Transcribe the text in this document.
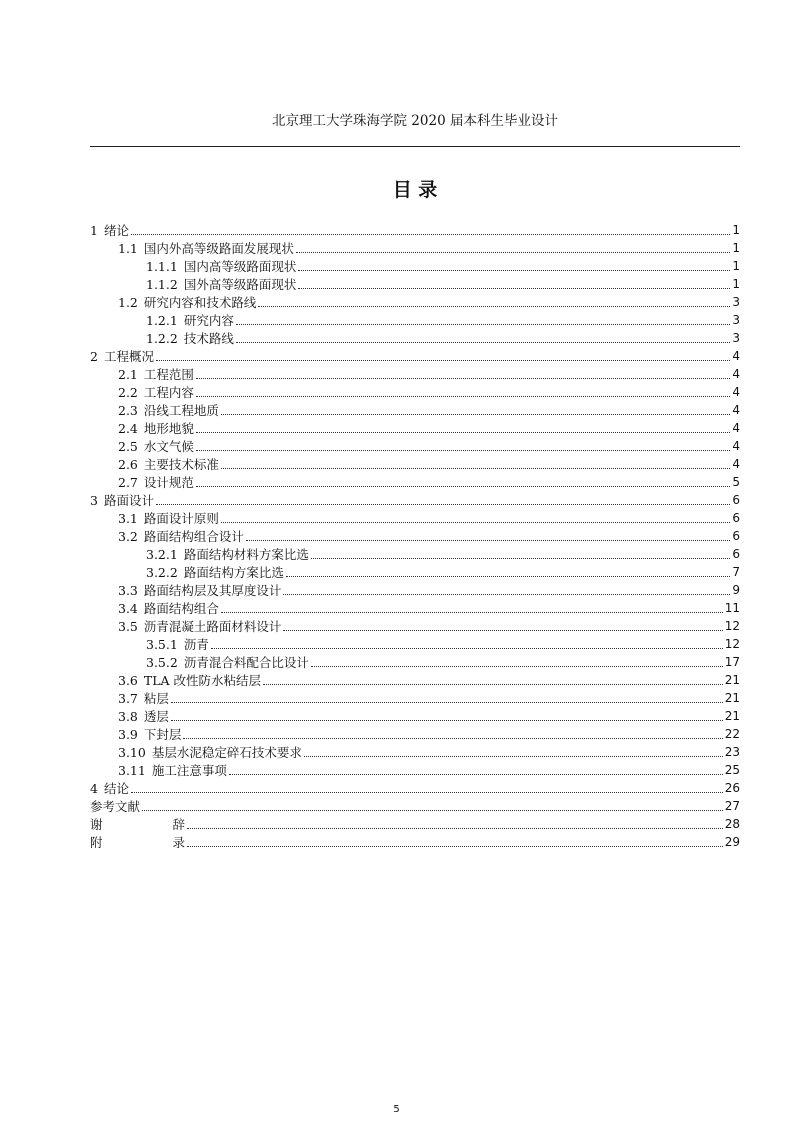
北京理工大学珠海学院 2020 届本科生毕业设计
目 录
1 绪论	1
1.1 国内外高等级路面发展现状	1
1.1.1 国内高等级路面现状	1
1.1.2 国外高等级路面现状	1
1.2 研究内容和技术路线	3
1.2.1 研究内容	3
1.2.2 技术路线	3
2 工程概况	4
2.1 工程范围	4
2.2 工程内容	4
2.3 沿线工程地质	4
2.4 地形地貌	4
2.5 水文气候	4
2.6 主要技术标准	4
2.7 设计规范	5
3 路面设计	6
3.1 路面设计原则	6
3.2 路面结构组合设计	6
3.2.1 路面结构材料方案比选	6
3.2.2 路面结构方案比选	7
3.3 路面结构层及其厚度设计	9
3.4 路面结构组合	11
3.5 沥青混凝土路面材料设计	12
3.5.1 沥青	12
3.5.2 沥青混合料配合比设计	17
3.6 TLA 改性防水粘结层	21
3.7 粘层	21
3.8 透层	21
3.9 下封层	22
3.10 基层水泥稳定碎石技术要求	23
3.11 施工注意事项	25
4 结论	26
参考文献	27
谢	辞	28
附	录	29
5
